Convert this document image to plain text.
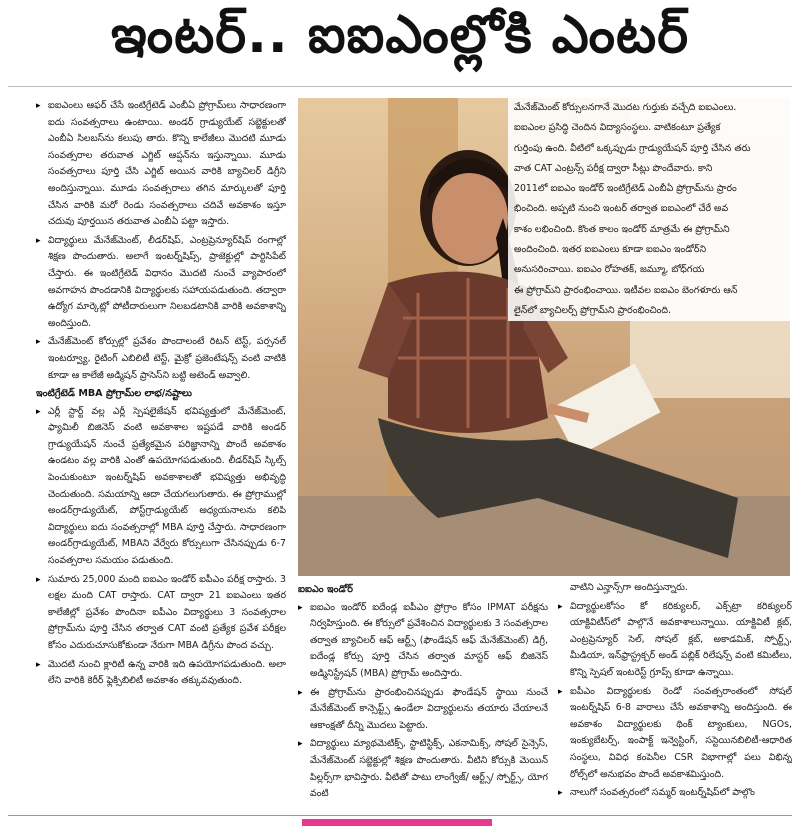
ఇంటర్.. ఐఐఎంల్లోకి ఎంటర్
మేనేజ్‌మెంట్ కోర్సులనగానే మొదట గుర్తుకు వచ్చేది ఐఐఎంలు.
ఐఐఎంల ప్రసిద్ధి చెందిన విద్యాసంస్థలు. వాటికంటూ ప్రత్యేక
గుర్తింపు ఉంది. వీటిలో ఒక్కప్పుడు గ్రాడ్యుయేషన్ పూర్తి చేసిన తరు
వాత CAT ఎంట్రన్స్ పరీక్ష ద్వారా సీట్లు పొందేవారు. కాని
2011లో ఐఐఎం ఇండోర్ ఇంటిగ్రేటెడ్ ఎంబీఏ ప్రోగ్రామ్‌ను ప్రారం
భించింది. అప్పటి నుంచి ఇంటర్ తర్వాత ఐఐఎంలో చేరే అవ
కాశం లభించింది. కొంత కాలం ఇండోర్ మాత్రమే ఈ ప్రోగ్రామ్‌ని
అందించింది. ఇతర ఐఐఎంలు కూడా ఐఐఎం ఇండోర్‌ని
అనుసరించాయి. ఐఐఎం రోహతక్, జమ్మూ, బోధ్‌గయ
ఈ ప్రోగ్రామ్‌ని ప్రారంభించాయి. ఇటీవల ఐఐఎం బెంగళూరు ఆన్
లైన్‌లో బ్యాచిలర్స్ ప్రోగ్రామ్‌ని ప్రారంభించింది.

▸ ఐఐఎంలు ఆఫర్ చేసే ఇంటిగ్రేటెడ్ ఎంబీఏ ప్రోగ్రామ్‌లు సాధారణంగా ఐదు సంవత్సరాలు ఉంటాయి. అండర్ గ్రాడ్యుయేట్ సబ్జెక్టులతో ఎంబీఏ సిలబస్‌ను కలుపు తారు. కొన్ని కాలేజీలు మొదటి మూడు సంవత్సరాల తరువాత ఎగ్జిట్ ఆప్షన్‌ను ఇస్తున్నాయి. మూడు సంవత్సరాలు పూర్తి చేసి ఎగ్జిట్ అయిన వారికి బ్యాచిలర్ డిగ్రీని అందిస్తున్నాయి. మూడు సంవత్సరాలు తగిన మార్కులతో పూర్తి చేసిన వారికి మరో రెండు సంవత్సరాలు చదివే అవకాశం ఇస్తూ చదువు పూర్తయిన తరువాత ఎంబీఏ పట్టా ఇస్తారు.

▸ విద్యార్థులు మేనేజ్‌మెంట్, లీడర్‌షిప్, ఎంట్రప్రెన్యూర్‌షిప్ రంగాల్లో శిక్షణ పొందుతారు. అలాగే ఇంటర్న్‌షిప్స్, ప్రాజెక్టుల్లో పార్టిసిపేట్ చేస్తారు. ఈ ఇంటిగ్రేటెడ్ విధానం మొదటి నుంచే వ్యాపారంలో అవగాహన పొందడానికి విద్యార్థులకు సహాయపడుతుంది. తద్వారా ఉద్యోగ మార్కెట్లో పోటీదారులుగా నిలబడటానికి వారికి అవకాశాన్ని అందిస్తుంది.

▸ మేనేజ్‌మెంట్ కోర్సుల్లో ప్రవేశం పొందాలంటే రిటన్ టెస్ట్, పర్సనల్ ఇంటర్వ్యూ, రైటింగ్ ఎబిలిటీ టెస్ట్, మైక్రో ప్రజెంటేషన్స్ వంటి వాటికి కూడా ఆ కాలేజీ అడ్మిషన్ ప్రాసెస్‌ని బట్టి అటెండ్ అవ్వాలి.

ఇంటిగ్రేటెడ్ MBA ప్రోగ్రామ్‌ల లాభ/నష్టాలు

▸ ఎర్లీ స్టార్ట్ వల్ల ఎర్లీ స్పెషలైజేషన్ భవిష్యత్తులో మేనేజ్‌మెంట్, ఫ్యామిలీ బిజినెస్ వంటి అవకాశాల ఇష్టపడే వారికి అండర్ గ్రాడ్యుయేషన్ నుంచే ప్రత్యేకమైన పరిజ్ఞానాన్ని పొందే అవకాశం ఉండటం వల్ల వారికి ఎంతో ఉపయోగపడుతుంది. లీడర్‌షిప్ స్కిల్స్ పెంచుకుంటూ ఇంటర్న్‌షిప్ అవకాశాలతో భవిష్యత్తు అభివృద్ధి చెందుతుంది. సమయాన్ని ఆదా చేయగలుగుతారు. ఈ ప్రోగ్రాముల్లో అండర్‌గ్రాడ్యుయేట్, పోస్ట్‌గ్రాడ్యుయేట్ అధ్యయనాలను కలిపి విద్యార్థులు ఐదు సంవత్సరాల్లో MBA పూర్తి చేస్తారు. సాధారణంగా అండర్‌గ్రాడ్యుయేట్, MBAని వేర్వేరు కోర్సులుగా చేసినప్పుడు 6-7 సంవత్సరాల సమయం పడుతుంది.

▸ సుమారు 25,000 మంది ఐఐఎం ఇండోర్ ఐపీఎం పరీక్ష రాస్తారు. 3 లక్షల మంది CAT రాస్తారు. CAT ద్వారా 21 ఐఐఎంలు ఇతర కాలేజీల్లో ప్రవేశం పొందినా ఐపీఎం విద్యార్థులు 3 సంవత్సరాల ప్రోగ్రామ్‌ను పూర్తి చేసిన తర్వాత CAT వంటి ప్రత్యేక ప్రవేశ పరీక్షల కోసం ఎదురుచూసుకోకుండా నేరుగా MBA డిగ్రీను పొంద వచ్చు.

▸ మొదటి నుంచి క్లారిటీ ఉన్న వారికి ఇది ఉపయోగపడుతుంది. అలా లేని వారికి కెరీర్ ఫ్లెక్సిబిలిటీ అవకాశం తక్కువవుతుంది.

ఐఐఎం ఇండోర్

▸ ఐఐఎం ఇండోర్ ఐదేండ్ల ఐపీఎం ప్రోగ్రాం కోసం IPMAT పరీక్షను నిర్వహిస్తుంది. ఈ కోర్సులో ప్రవేశించిన విద్యార్థులకు 3 సంవత్సరాల తర్వాత బ్యాచిలర్ ఆఫ్ ఆర్ట్స్ (ఫౌండేషన్ ఆఫ్ మేనేజ్‌మెంట్) డిగ్రీ, ఐదేండ్ల కోర్సు పూర్తి చేసిన తర్వాత మాస్టర్ ఆఫ్ బిజినెస్ అడ్మినిస్ట్రేషన్ (MBA) ప్రోగ్రామ్ అందిస్తారు.

▸ ఈ ప్రోగ్రామ్‌ను ప్రారంభించినప్పుడు ఫౌండేషన్ స్థాయి నుంచే మేనేజ్‌మెంట్ కాన్సెప్ట్స్ ఉండేలా విద్యార్థులను తయారు చేయాలనే ఆకాంక్షతో దీన్ని మొదలు పెట్టారు.

▸ విద్యార్థులు మ్యాథమెటిక్స్, స్టాటిస్టిక్స్, ఎకనామిక్స్, సోషల్ సైన్సెస్, మేనేజ్‌మెంట్ సబ్జెక్టుల్లో శిక్షణ పొందుతారు. వీటిని కోర్సుకి మెయిన్ పిల్లర్స్‌గా భావిస్తారు. వీటితో పాటు లాంగ్వేజ్/ ఆర్ట్స్/ స్పోర్ట్స్, యోగ వంటి

వాటిని ఎన్హాన్స్‌గా అందిస్తున్నారు.

▸ విద్యార్థులకోసం కో కరిక్యులర్, ఎక్స్‌ట్రా కరిక్యులర్ యాక్టివిటీస్‌లో పాల్గొనే అవకాశాలున్నాయి. యాక్టివిటీ క్లబ్, ఎంట్రప్రెన్యూర్ సెల్, సోషల్ క్లబ్, అకాడమిక్, స్పోర్ట్స్, మీడియా, ఇన్‌ఫ్రాస్ట్రక్చర్ అండ్ పబ్లిక్ రిలేషన్స్ వంటి కమిటీలు, కొన్ని స్పెషల్ ఇంటరెస్ట్ గ్రూప్స్ కూడా ఉన్నాయి.

▸ ఐపీఎం విద్యార్థులకు రెండో సంవత్సరాంతంలో సోషల్ ఇంటర్న్‌షిప్ 6-8 వారాలు చేసే అవకాశాన్ని అందిస్తుంది. ఈ అవకాశం విద్యార్థులకు థింక్ ట్యాంకులు, NGOs, ఇంక్యుబేటర్స్, ఇంపాక్ట్ ఇన్వెస్టింగ్, సస్టెయినబిలిటీ-ఆధారిత సంస్థలు, వివిధ కంపెనీల CSR విభాగాల్లో పలు విభిన్న రోల్స్‌లో అనుభవం పొందే అవకాశమిస్తుంది.

▸ నాలుగో సంవత్సరంలో సమ్మర్ ఇంటర్న్‌షిప్‌లో పాల్గొం
